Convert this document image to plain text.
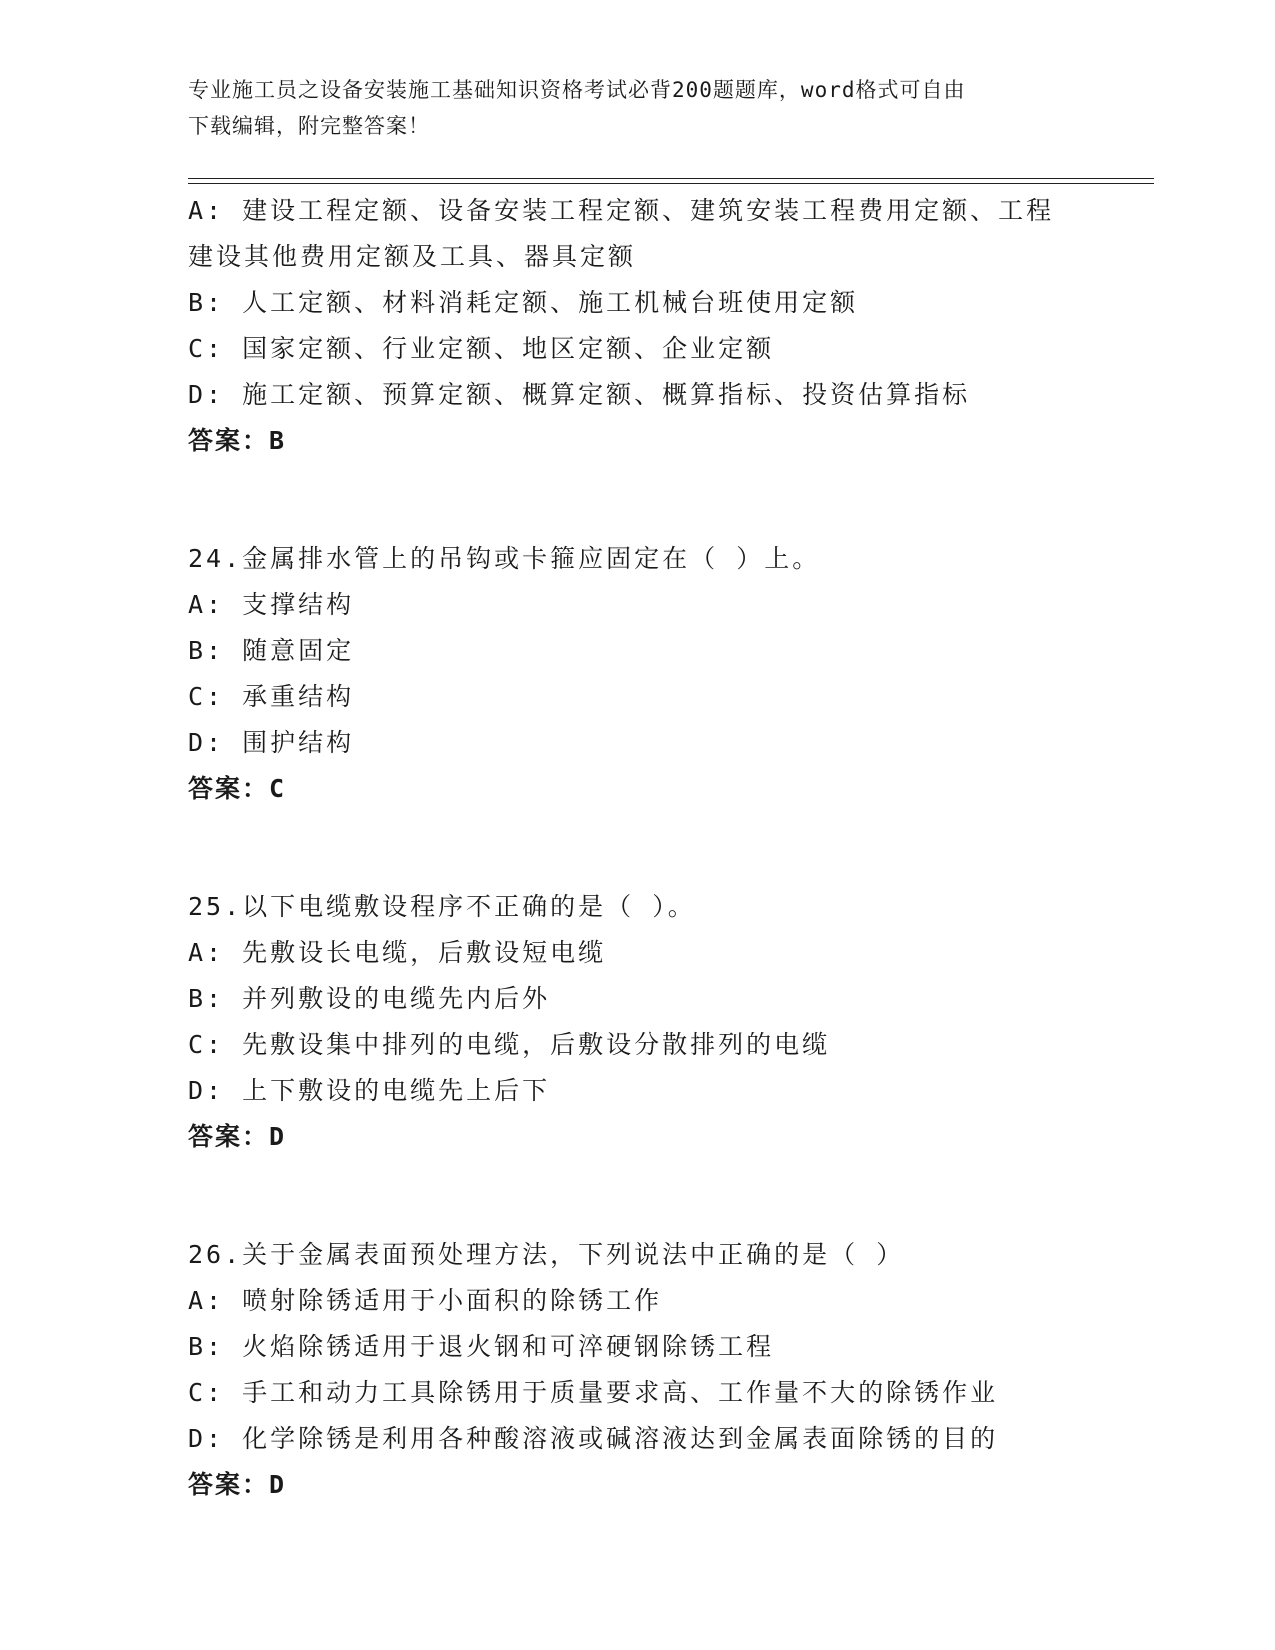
专业施工员之设备安装施工基础知识资格考试必背200题题库，word格式可自由

下载编辑，附完整答案！

A: 建设工程定额、设备安装工程定额、建筑安装工程费用定额、工程

建设其他费用定额及工具、器具定额

B: 人工定额、材料消耗定额、施工机械台班使用定额

C: 国家定额、行业定额、地区定额、企业定额

D: 施工定额、预算定额、概算定额、概算指标、投资估算指标

答案：B

24.金属排水管上的吊钩或卡箍应固定在（ ）上。

A: 支撑结构

B: 随意固定

C: 承重结构

D: 围护结构

答案：C

25.以下电缆敷设程序不正确的是（ ）。

A: 先敷设长电缆，后敷设短电缆

B: 并列敷设的电缆先内后外

C: 先敷设集中排列的电缆，后敷设分散排列的电缆

D: 上下敷设的电缆先上后下

答案：D

26.关于金属表面预处理方法，下列说法中正确的是（ ）

A: 喷射除锈适用于小面积的除锈工作

B: 火焰除锈适用于退火钢和可淬硬钢除锈工程

C: 手工和动力工具除锈用于质量要求高、工作量不大的除锈作业

D: 化学除锈是利用各种酸溶液或碱溶液达到金属表面除锈的目的

答案：D
